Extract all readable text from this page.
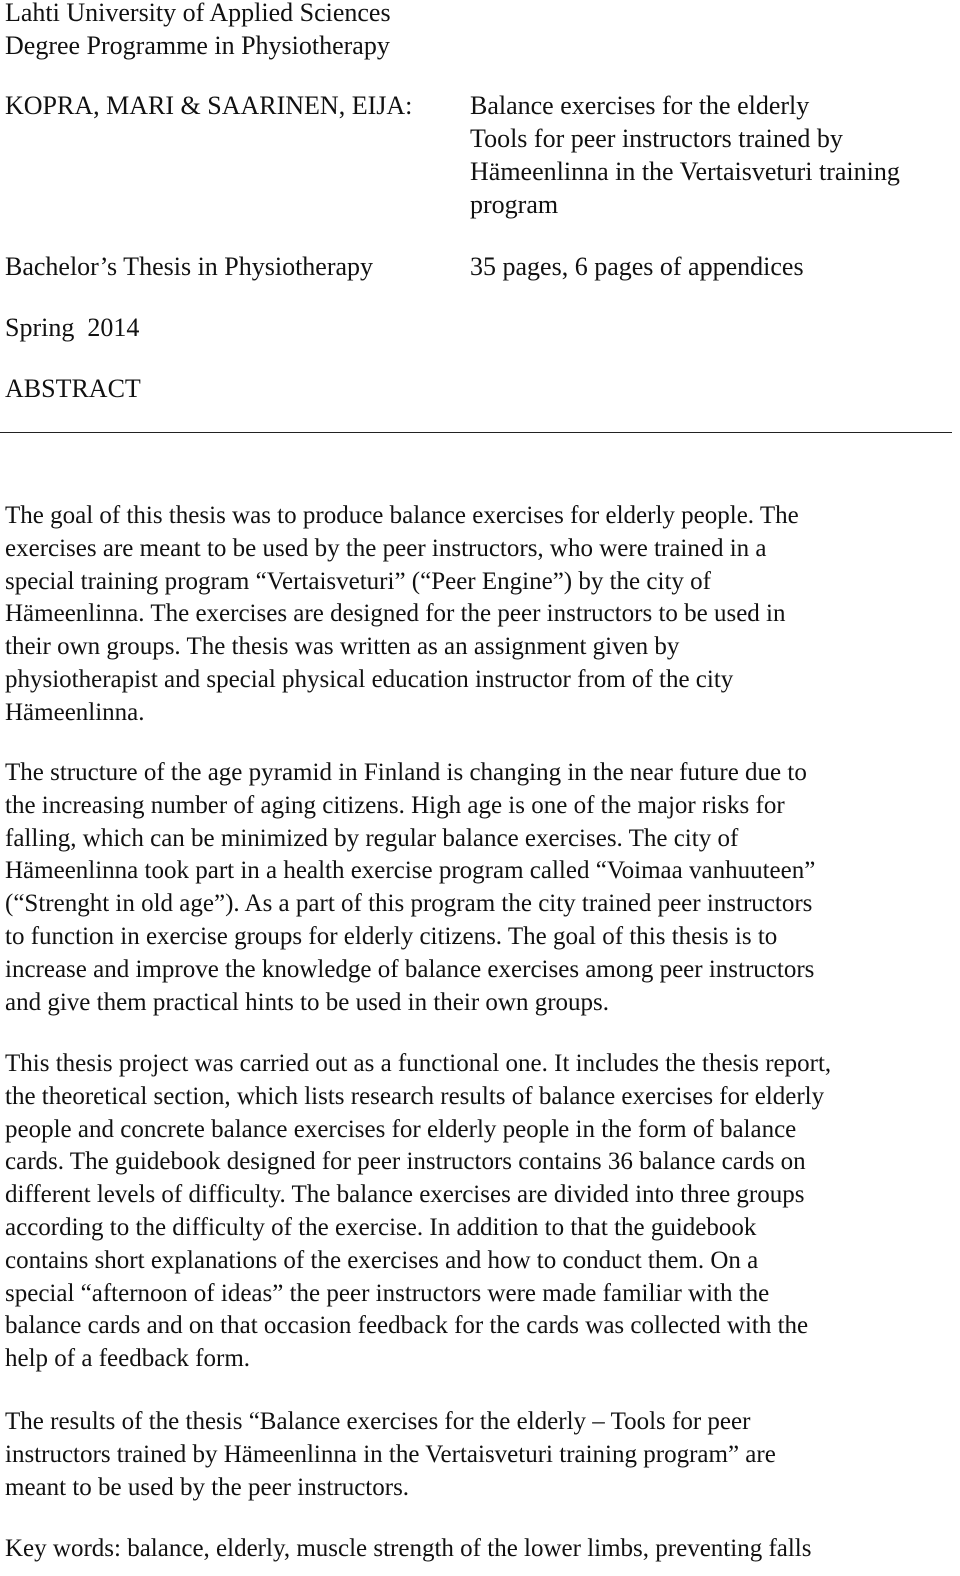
Lahti University of Applied Sciences
Degree Programme in Physiotherapy
KOPRA, MARI & SAARINEN, EIJA: Balance exercises for the elderly
Tools for peer instructors trained by
Hämeenlinna in the Vertaisveturi training
program
Bachelor’s Thesis in Physiotherapy	35 pages, 6 pages of appendices
Spring  2014
ABSTRACT
The goal of this thesis was to produce balance exercises for elderly people. The
exercises are meant to be used by the peer instructors, who were trained in a
special training program “Vertaisveturi” (“Peer Engine”) by the city of
Hämeenlinna. The exercises are designed for the peer instructors to be used in
their own groups. The thesis was written as an assignment given by
physiotherapist and special physical education instructor from of the city
Hämeenlinna.
The structure of the age pyramid in Finland is changing in the near future due to
the increasing number of aging citizens. High age is one of the major risks for
falling, which can be minimized by regular balance exercises. The city of
Hämeenlinna took part in a health exercise program called “Voimaa vanhuuteen”
(“Strenght in old age”). As a part of this program the city trained peer instructors
to function in exercise groups for elderly citizens. The goal of this thesis is to
increase and improve the knowledge of balance exercises among peer instructors
and give them practical hints to be used in their own groups.
This thesis project was carried out as a functional one. It includes the thesis report,
the theoretical section, which lists research results of balance exercises for elderly
people and concrete balance exercises for elderly people in the form of balance
cards. The guidebook designed for peer instructors contains 36 balance cards on
different levels of difficulty. The balance exercises are divided into three groups
according to the difficulty of the exercise. In addition to that the guidebook
contains short explanations of the exercises and how to conduct them. On a
special “afternoon of ideas” the peer instructors were made familiar with the
balance cards and on that occasion feedback for the cards was collected with the
help of a feedback form.
The results of the thesis “Balance exercises for the elderly – Tools for peer
instructors trained by Hämeenlinna in the Vertaisveturi training program” are
meant to be used by the peer instructors.
Key words: balance, elderly, muscle strength of the lower limbs, preventing falls
